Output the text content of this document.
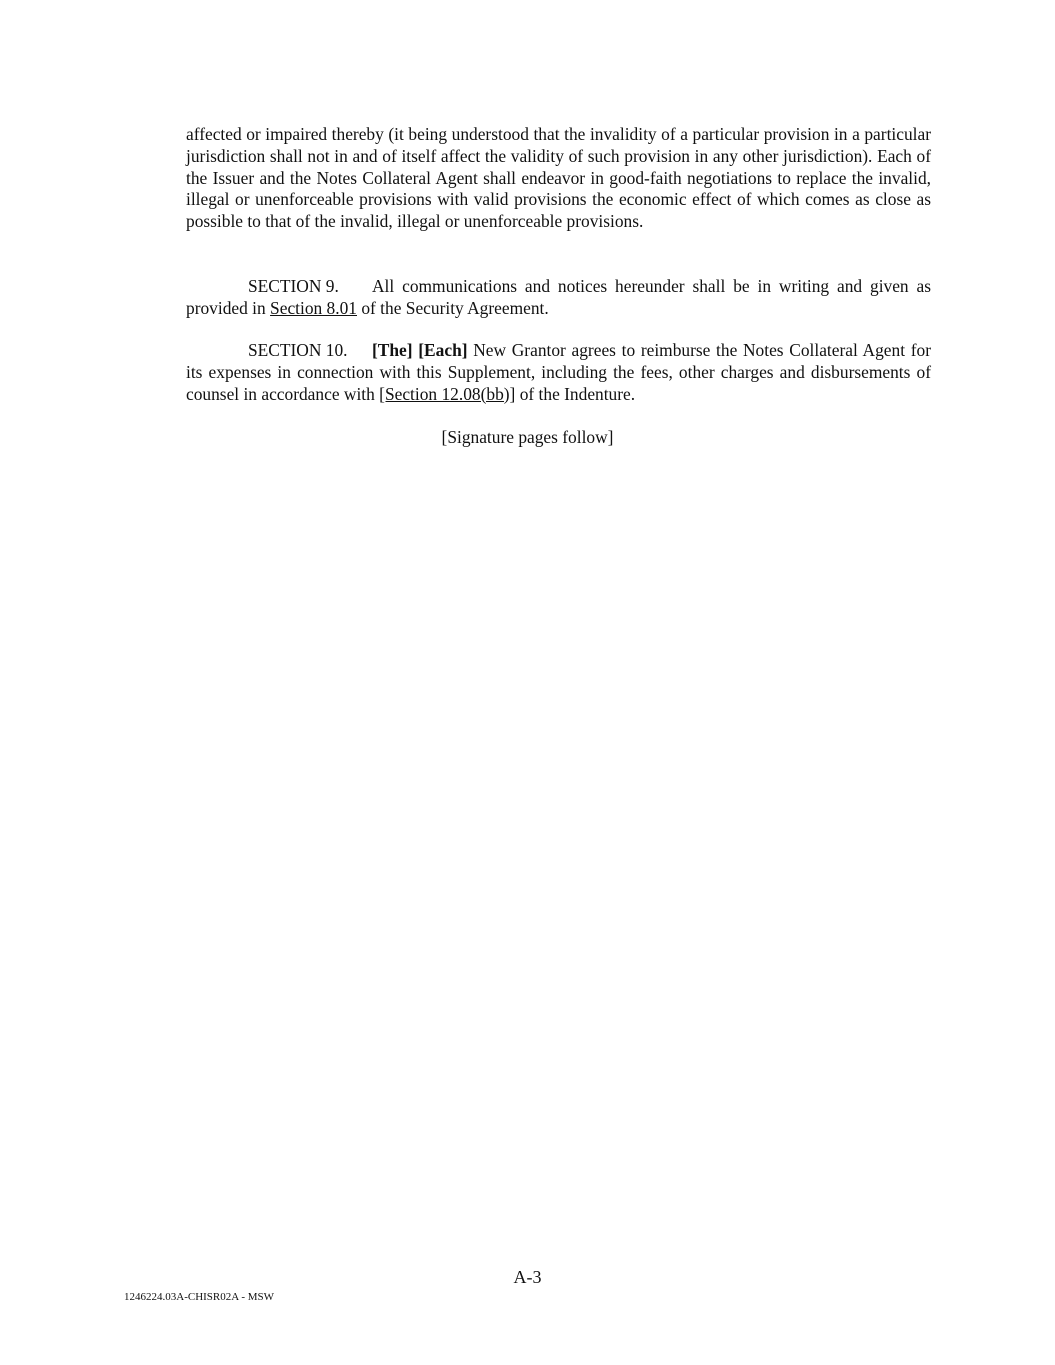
affected or impaired thereby (it being understood that the invalidity of a particular provision in a particular jurisdiction shall not in and of itself affect the validity of such provision in any other jurisdiction). Each of the Issuer and the Notes Collateral Agent shall endeavor in good-faith negotiations to replace the invalid, illegal or unenforceable provisions with valid provisions the economic effect of which comes as close as possible to that of the invalid, illegal or unenforceable provisions.

SECTION 9. All communications and notices hereunder shall be in writing and given as provided in Section 8.01 of the Security Agreement.

SECTION 10. [The] [Each] New Grantor agrees to reimburse the Notes Collateral Agent for its expenses in connection with this Supplement, including the fees, other charges and disbursements of counsel in accordance with [Section 12.08(bb)] of the Indenture.

[Signature pages follow]
A-3
1246224.03A-CHISR02A - MSW
